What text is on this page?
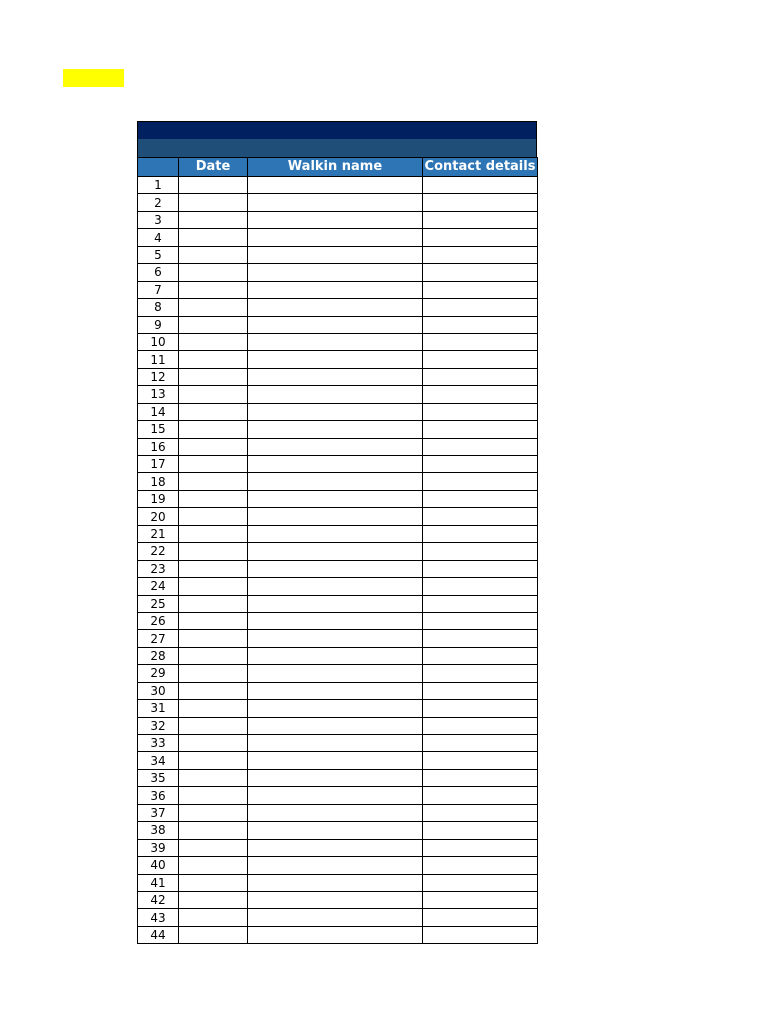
	Date	Walkin name	Contact details
1			
2			
3			
4			
5			
6			
7			
8			
9			
10			
11			
12			
13			
14			
15			
16			
17			
18			
19			
20			
21			
22			
23			
24			
25			
26			
27			
28			
29			
30			
31			
32			
33			
34			
35			
36			
37			
38			
39			
40			
41			
42			
43			
44			
